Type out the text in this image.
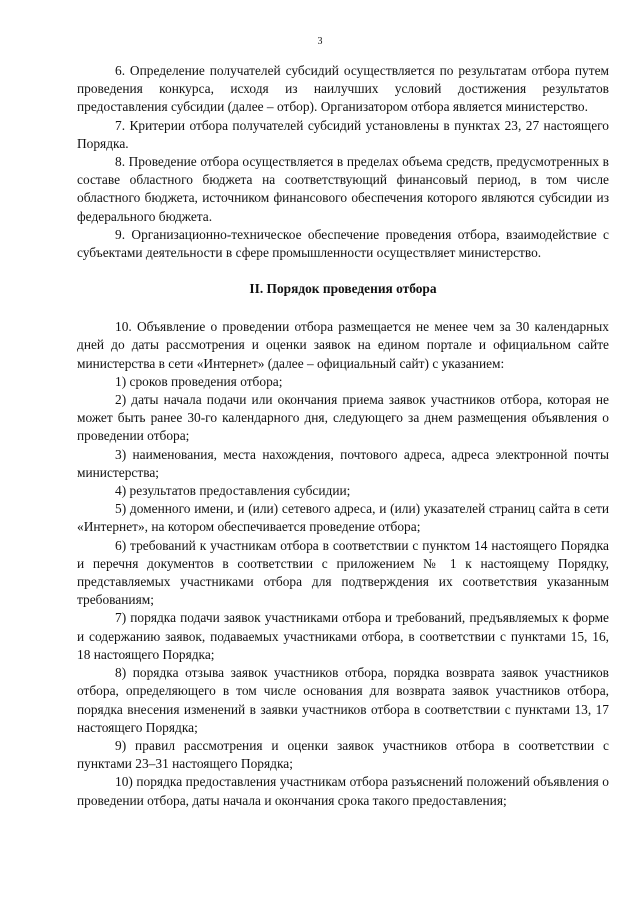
3

6. Определение получателей субсидий осуществляется по результатам отбора путем проведения конкурса, исходя из наилучших условий достижения результатов предоставления субсидии (далее – отбор). Организатором отбора является министерство.

7. Критерии отбора получателей субсидий установлены в пунктах 23, 27 настоящего Порядка.

8. Проведение отбора осуществляется в пределах объема средств, предусмотренных в составе областного бюджета на соответствующий финансовый период, в том числе областного бюджета, источником финансового обеспечения которого являются субсидии из федерального бюджета.

9. Организационно-техническое обеспечение проведения отбора, взаимодействие с субъектами деятельности в сфере промышленности осуществляет министерство.

II. Порядок проведения отбора

10. Объявление о проведении отбора размещается не менее чем за 30 календарных дней до даты рассмотрения и оценки заявок на едином портале и официальном сайте министерства в сети «Интернет» (далее – официальный сайт) с указанием:

1) сроков проведения отбора;

2) даты начала подачи или окончания приема заявок участников отбора, которая не может быть ранее 30-го календарного дня, следующего за днем размещения объявления о проведении отбора;

3) наименования, места нахождения, почтового адреса, адреса электронной почты министерства;

4) результатов предоставления субсидии;

5) доменного имени, и (или) сетевого адреса, и (или) указателей страниц сайта в сети «Интернет», на котором обеспечивается проведение отбора;

6) требований к участникам отбора в соответствии с пунктом 14 настоящего Порядка и перечня документов в соответствии с приложением № 1 к настоящему Порядку, представляемых участниками отбора для подтверждения их соответствия указанным требованиям;

7) порядка подачи заявок участниками отбора и требований, предъявляемых к форме и содержанию заявок, подаваемых участниками отбора, в соответствии с пунктами 15, 16, 18 настоящего Порядка;

8) порядка отзыва заявок участников отбора, порядка возврата заявок участников отбора, определяющего в том числе основания для возврата заявок участников отбора, порядка внесения изменений в заявки участников отбора в соответствии с пунктами 13, 17 настоящего Порядка;

9) правил рассмотрения и оценки заявок участников отбора в соответствии с пунктами 23–31 настоящего Порядка;

10) порядка предоставления участникам отбора разъяснений положений объявления о проведении отбора, даты начала и окончания срока такого предоставления;
